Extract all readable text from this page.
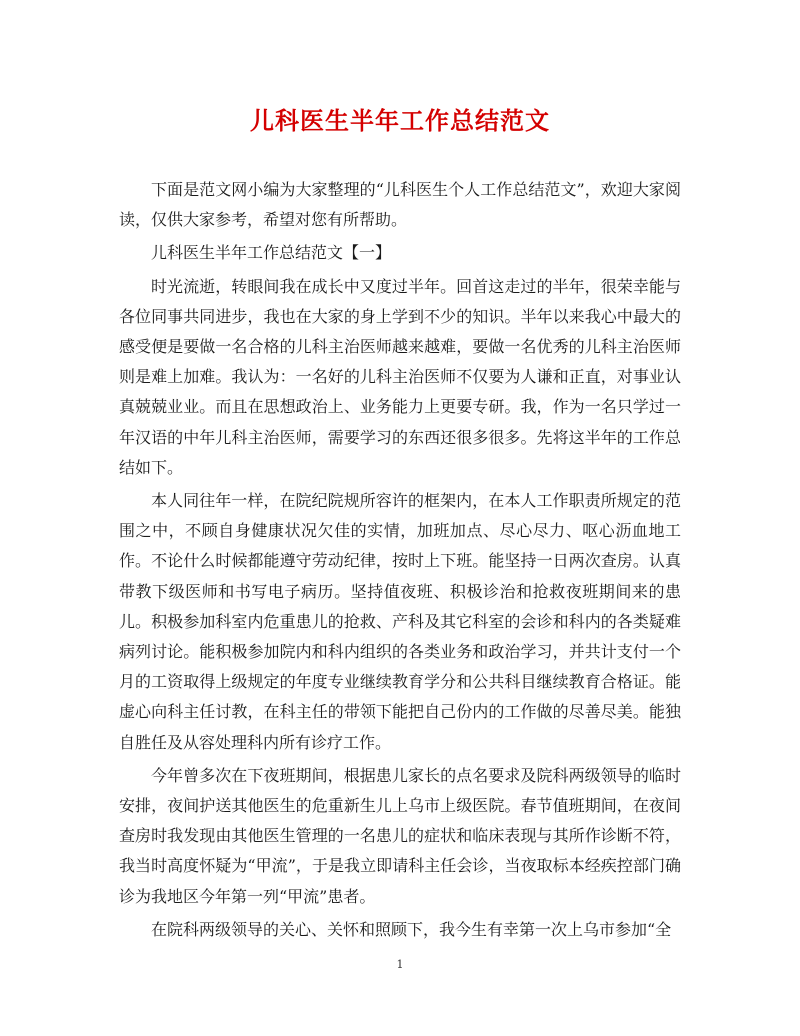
儿科医生半年工作总结范文

下面是范文网小编为大家整理的“儿科医生个人工作总结范文”，欢迎大家阅读，仅供大家参考，希望对您有所帮助。

儿科医生半年工作总结范文【一】

时光流逝，转眼间我在成长中又度过半年。回首这走过的半年，很荣幸能与各位同事共同进步，我也在大家的身上学到不少的知识。半年以来我心中最大的感受便是要做一名合格的儿科主治医师越来越难，要做一名优秀的儿科主治医师则是难上加难。我认为：一名好的儿科主治医师不仅要为人谦和正直，对事业认真兢兢业业。而且在思想政治上、业务能力上更要专研。我，作为一名只学过一年汉语的中年儿科主治医师，需要学习的东西还很多很多。先将这半年的工作总结如下。

本人同往年一样，在院纪院规所容许的框架内，在本人工作职责所规定的范围之中，不顾自身健康状况欠佳的实情，加班加点、尽心尽力、呕心沥血地工作。不论什么时候都能遵守劳动纪律，按时上下班。能坚持一日两次查房。认真带教下级医师和书写电子病历。坚持值夜班、积极诊治和抢救夜班期间来的患儿。积极参加科室内危重患儿的抢救、产科及其它科室的会诊和科内的各类疑难病列讨论。能积极参加院内和科内组织的各类业务和政治学习，并共计支付一个月的工资取得上级规定的年度专业继续教育学分和公共科目继续教育合格证。能虚心向科主任讨教，在科主任的带领下能把自己份内的工作做的尽善尽美。能独自胜任及从容处理科内所有诊疗工作。

今年曾多次在下夜班期间，根据患儿家长的点名要求及院科两级领导的临时安排，夜间护送其他医生的危重新生儿上乌市上级医院。春节值班期间，在夜间查房时我发现由其他医生管理的一名患儿的症状和临床表现与其所作诊断不符，我当时高度怀疑为“甲流”，于是我立即请科主任会诊，当夜取标本经疾控部门确诊为我地区今年第一列“甲流”患者。

在院科两级领导的关心、关怀和照顾下，我今生有幸第一次上乌市参加“全

1
